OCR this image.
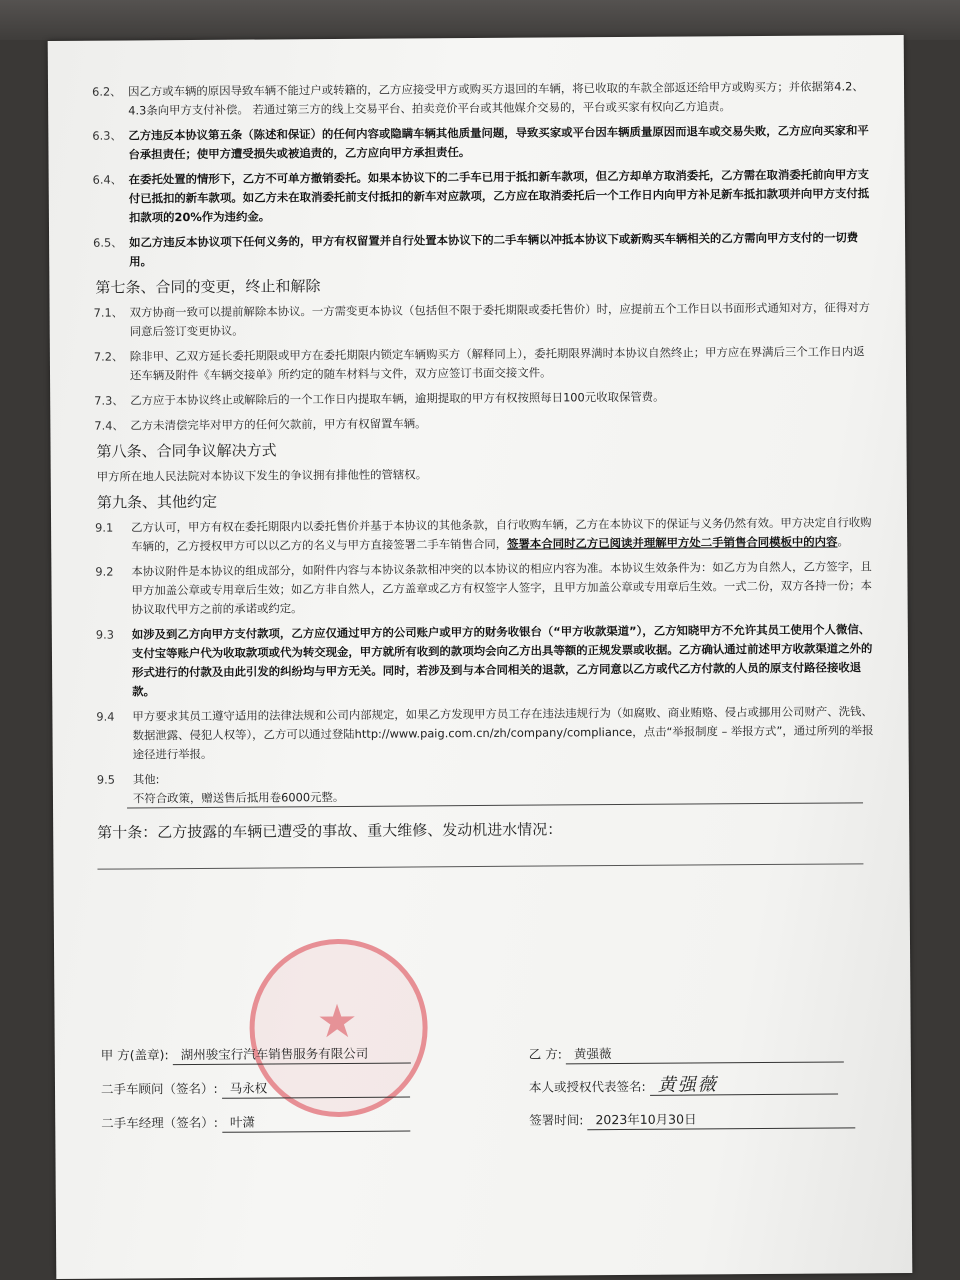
6.2、 因乙方或车辆的原因导致车辆不能过户或转籍的，乙方应接受甲方或购买方退回的车辆，将已收取的车款全部返还给甲方或购买方；并依据第4.2、4.3条向甲方支付补偿。 若通过第三方的线上交易平台、拍卖竞价平台或其他媒介交易的，平台或买家有权向乙方追责。
6.3、 乙方违反本协议第五条（陈述和保证）的任何内容或隐瞒车辆其他质量问题，导致买家或平台因车辆质量原因而退车或交易失败，乙方应向买家和平台承担责任；使甲方遭受损失或被追责的，乙方应向甲方承担责任。
6.4、 在委托处置的情形下，乙方不可单方撤销委托。如果本协议下的二手车已用于抵扣新车款项，但乙方却单方取消委托，乙方需在取消委托前向甲方支付已抵扣的新车款项。如乙方未在取消委托前支付抵扣的新车对应款项，乙方应在取消委托后一个工作日内向甲方补足新车抵扣款项并向甲方支付抵扣款项的20%作为违约金。
6.5、 如乙方违反本协议项下任何义务的，甲方有权留置并自行处置本协议下的二手车辆以冲抵本协议下或新购买车辆相关的乙方需向甲方支付的一切费用。
第七条、合同的变更，终止和解除
7.1、 双方协商一致可以提前解除本协议。一方需变更本协议（包括但不限于委托期限或委托售价）时，应提前五个工作日以书面形式通知对方，征得对方同意后签订变更协议。
7.2、 除非甲、乙双方延长委托期限或甲方在委托期限内锁定车辆购买方（解释同上），委托期限界满时本协议自然终止；甲方应在界满后三个工作日内返还车辆及附件《车辆交接单》所约定的随车材料与文件，双方应签订书面交接文件。
7.3、 乙方应于本协议终止或解除后的一个工作日内提取车辆，逾期提取的甲方有权按照每日100元收取保管费。
7.4、 乙方未清偿完毕对甲方的任何欠款前，甲方有权留置车辆。
第八条、合同争议解决方式
甲方所在地人民法院对本协议下发生的争议拥有排他性的管辖权。
第九条、其他约定
9.1	乙方认可，甲方有权在委托期限内以委托售价并基于本协议的其他条款，自行收购车辆，乙方在本协议下的保证与义务仍然有效。甲方决定自行收购车辆的，乙方授权甲方可以以乙方的名义与甲方直接签署二手车销售合同，签署本合同时乙方已阅读并理解甲方处二手销售合同模板中的内容。
9.2	本协议附件是本协议的组成部分，如附件内容与本协议条款相冲突的以本协议的相应内容为准。本协议生效条件为：如乙方为自然人，乙方签字，且甲方加盖公章或专用章后生效；如乙方非自然人，乙方盖章或乙方有权签字人签字，且甲方加盖公章或专用章后生效。一式二份，双方各持一份；本协议取代甲方之前的承诺或约定。
9.3	如涉及到乙方向甲方支付款项，乙方应仅通过甲方的公司账户或甲方的财务收银台（“甲方收款渠道”），乙方知晓甲方不允许其员工使用个人微信、支付宝等账户代为收取款项或代为转交现金，甲方就所有收到的款项均会向乙方出具等额的正规发票或收据。乙方确认通过前述甲方收款渠道之外的形式进行的付款及由此引发的纠纷均与甲方无关。同时，若涉及到与本合同相关的退款，乙方同意以乙方或代乙方付款的人员的原支付路径接收退款。
9.4	甲方要求其员工遵守适用的法律法规和公司内部规定，如果乙方发现甲方员工存在违法违规行为（如腐败、商业贿赂、侵占或挪用公司财产、洗钱、数据泄露、侵犯人权等），乙方可以通过登陆http://www.paig.com.cn/zh/company/compliance，点击“举报制度 – 举报方式”，通过所列的举报途径进行举报。
9.5	其他:
不符合政策，赠送售后抵用卷6000元整。
第十条：乙方披露的车辆已遭受的事故、重大维修、发动机进水情况：
★
甲 方(盖章): 湖州骏宝行汽车销售服务有限公司
二手车顾问（签名）: 马永权
二手车经理（签名）: 叶潇
乙 方: 黄强薇
本人或授权代表签名: 黄强薇
签署时间: 2023年10月30日
